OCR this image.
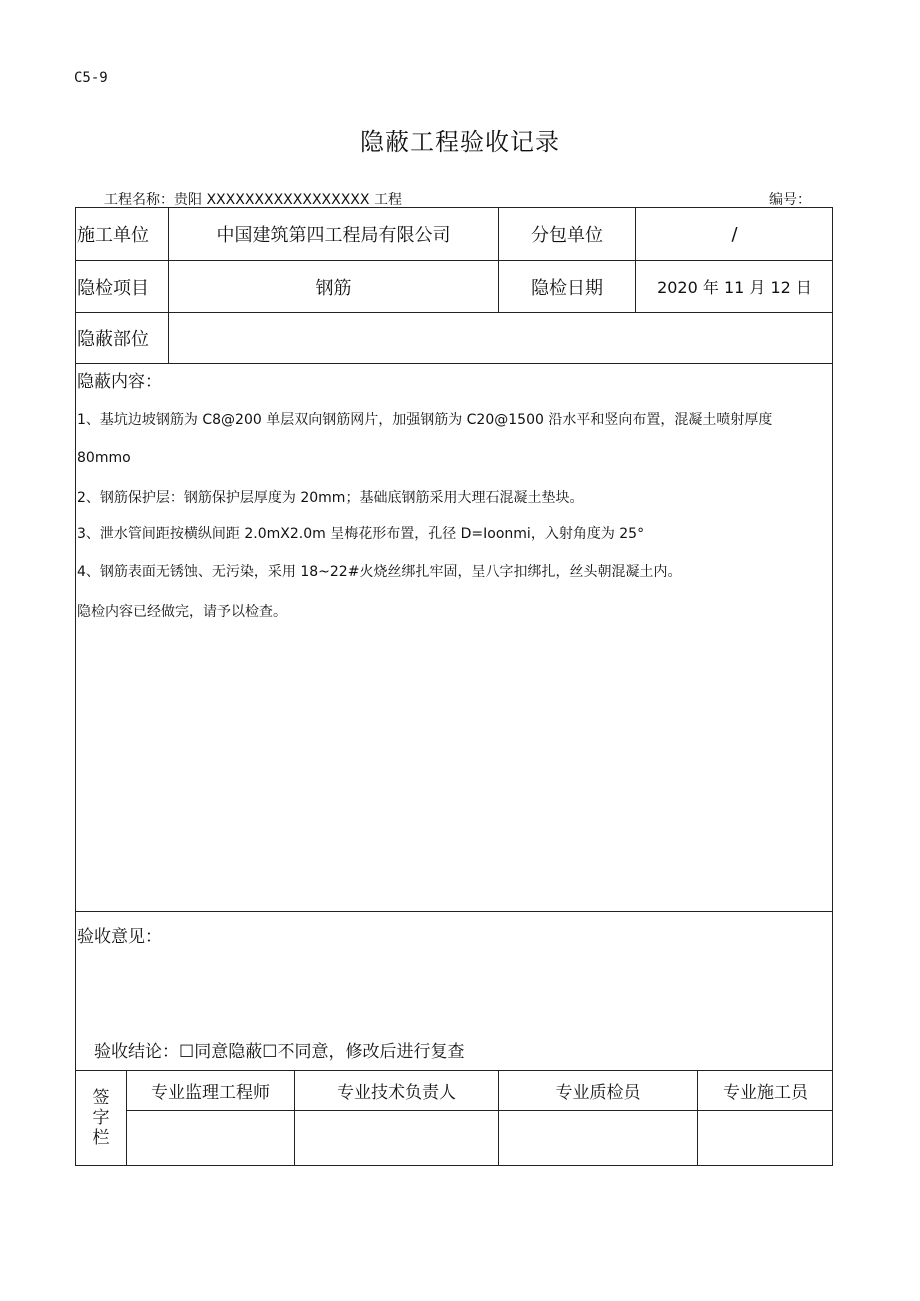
C5-9
隐蔽工程验收记录
工程名称：贵阳 XXXXXXXXXXXXXXXXX 工程	编号：
施工单位	中国建筑第四工程局有限公司	分包单位	/
隐检项目	钢筋	隐检日期	2020 年 11 月 12 日
隐蔽部位
隐蔽内容：
1、基坑边坡钢筋为 C8@200 单层双向钢筋网片，加强钢筋为 C20@1500 沿水平和竖向布置，混凝土喷射厚度
80mmo
2、钢筋保护层：钢筋保护层厚度为 20mm；基础底钢筋采用大理石混凝土垫块。
3、泄水管间距按横纵间距 2.0mX2.0m 呈梅花形布置，孔径 D=Ioonmi，入射角度为 25°
4、钢筋表面无锈蚀、无污染，采用 18~22#火烧丝绑扎牢固，呈八字扣绑扎，丝头朝混凝土内。
隐检内容已经做完，请予以检查。
验收意见：
验收结论：☐同意隐蔽☐不同意，修改后进行复查
签
字
栏
专业监理工程师	专业技术负责人	专业质检员	专业施工员
